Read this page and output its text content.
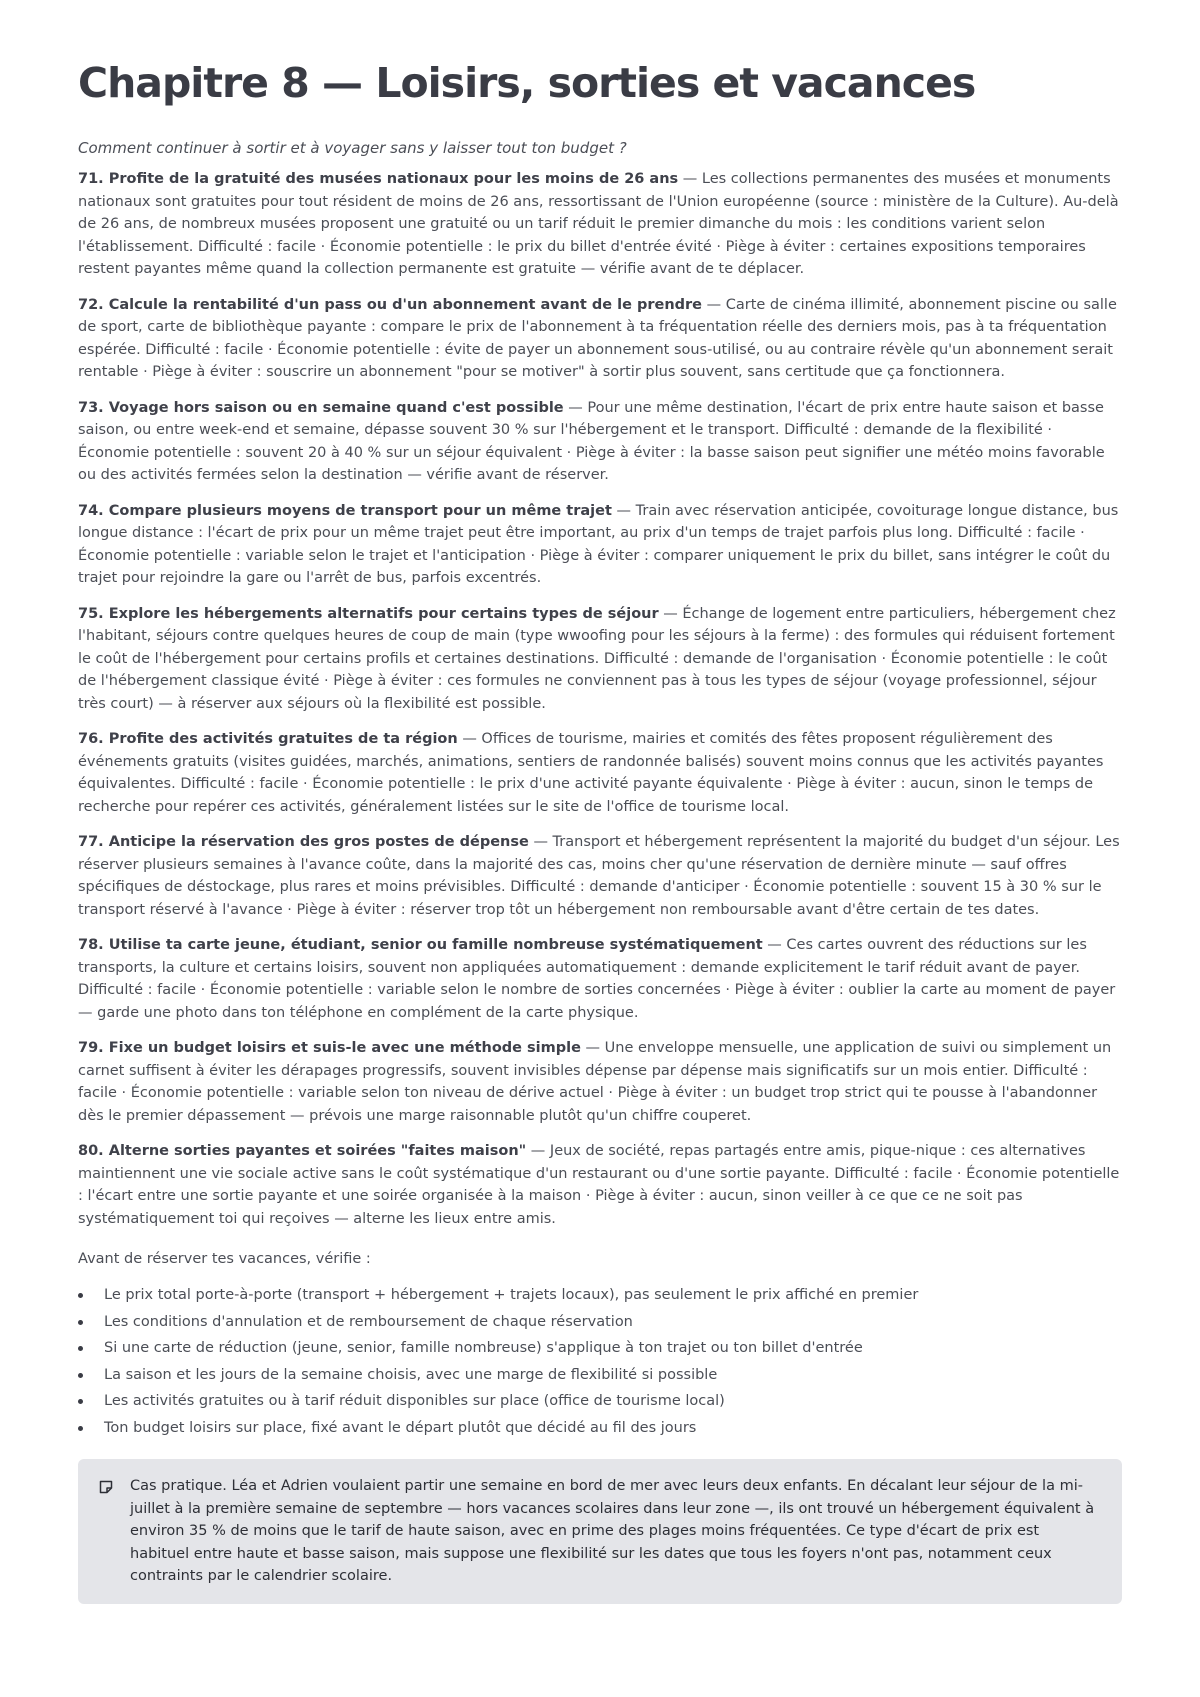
Chapitre 8 — Loisirs, sorties et vacances

Comment continuer à sortir et à voyager sans y laisser tout ton budget ?

71. Profite de la gratuité des musées nationaux pour les moins de 26 ans — Les collections permanentes des musées et monuments nationaux sont gratuites pour tout résident de moins de 26 ans, ressortissant de l'Union européenne (source : ministère de la Culture). Au-delà de 26 ans, de nombreux musées proposent une gratuité ou un tarif réduit le premier dimanche du mois : les conditions varient selon l'établissement. Difficulté : facile · Économie potentielle : le prix du billet d'entrée évité · Piège à éviter : certaines expositions temporaires restent payantes même quand la collection permanente est gratuite — vérifie avant de te déplacer.

72. Calcule la rentabilité d'un pass ou d'un abonnement avant de le prendre — Carte de cinéma illimité, abonnement piscine ou salle de sport, carte de bibliothèque payante : compare le prix de l'abonnement à ta fréquentation réelle des derniers mois, pas à ta fréquentation espérée. Difficulté : facile · Économie potentielle : évite de payer un abonnement sous-utilisé, ou au contraire révèle qu'un abonnement serait rentable · Piège à éviter : souscrire un abonnement "pour se motiver" à sortir plus souvent, sans certitude que ça fonctionnera.

73. Voyage hors saison ou en semaine quand c'est possible — Pour une même destination, l'écart de prix entre haute saison et basse saison, ou entre week-end et semaine, dépasse souvent 30 % sur l'hébergement et le transport. Difficulté : demande de la flexibilité · Économie potentielle : souvent 20 à 40 % sur un séjour équivalent · Piège à éviter : la basse saison peut signifier une météo moins favorable ou des activités fermées selon la destination — vérifie avant de réserver.

74. Compare plusieurs moyens de transport pour un même trajet — Train avec réservation anticipée, covoiturage longue distance, bus longue distance : l'écart de prix pour un même trajet peut être important, au prix d'un temps de trajet parfois plus long. Difficulté : facile · Économie potentielle : variable selon le trajet et l'anticipation · Piège à éviter : comparer uniquement le prix du billet, sans intégrer le coût du trajet pour rejoindre la gare ou l'arrêt de bus, parfois excentrés.

75. Explore les hébergements alternatifs pour certains types de séjour — Échange de logement entre particuliers, hébergement chez l'habitant, séjours contre quelques heures de coup de main (type wwoofing pour les séjours à la ferme) : des formules qui réduisent fortement le coût de l'hébergement pour certains profils et certaines destinations. Difficulté : demande de l'organisation · Économie potentielle : le coût de l'hébergement classique évité · Piège à éviter : ces formules ne conviennent pas à tous les types de séjour (voyage professionnel, séjour très court) — à réserver aux séjours où la flexibilité est possible.

76. Profite des activités gratuites de ta région — Offices de tourisme, mairies et comités des fêtes proposent régulièrement des événements gratuits (visites guidées, marchés, animations, sentiers de randonnée balisés) souvent moins connus que les activités payantes équivalentes. Difficulté : facile · Économie potentielle : le prix d'une activité payante équivalente · Piège à éviter : aucun, sinon le temps de recherche pour repérer ces activités, généralement listées sur le site de l'office de tourisme local.

77. Anticipe la réservation des gros postes de dépense — Transport et hébergement représentent la majorité du budget d'un séjour. Les réserver plusieurs semaines à l'avance coûte, dans la majorité des cas, moins cher qu'une réservation de dernière minute — sauf offres spécifiques de déstockage, plus rares et moins prévisibles. Difficulté : demande d'anticiper · Économie potentielle : souvent 15 à 30 % sur le transport réservé à l'avance · Piège à éviter : réserver trop tôt un hébergement non remboursable avant d'être certain de tes dates.

78. Utilise ta carte jeune, étudiant, senior ou famille nombreuse systématiquement — Ces cartes ouvrent des réductions sur les transports, la culture et certains loisirs, souvent non appliquées automatiquement : demande explicitement le tarif réduit avant de payer. Difficulté : facile · Économie potentielle : variable selon le nombre de sorties concernées · Piège à éviter : oublier la carte au moment de payer — garde une photo dans ton téléphone en complément de la carte physique.

79. Fixe un budget loisirs et suis-le avec une méthode simple — Une enveloppe mensuelle, une application de suivi ou simplement un carnet suffisent à éviter les dérapages progressifs, souvent invisibles dépense par dépense mais significatifs sur un mois entier. Difficulté : facile · Économie potentielle : variable selon ton niveau de dérive actuel · Piège à éviter : un budget trop strict qui te pousse à l'abandonner dès le premier dépassement — prévois une marge raisonnable plutôt qu'un chiffre couperet.

80. Alterne sorties payantes et soirées "faites maison" — Jeux de société, repas partagés entre amis, pique-nique : ces alternatives maintiennent une vie sociale active sans le coût systématique d'un restaurant ou d'une sortie payante. Difficulté : facile · Économie potentielle : l'écart entre une sortie payante et une soirée organisée à la maison · Piège à éviter : aucun, sinon veiller à ce que ce ne soit pas systématiquement toi qui reçoives — alterne les lieux entre amis.

Avant de réserver tes vacances, vérifie :

Le prix total porte-à-porte (transport + hébergement + trajets locaux), pas seulement le prix affiché en premier
Les conditions d'annulation et de remboursement de chaque réservation
Si une carte de réduction (jeune, senior, famille nombreuse) s'applique à ton trajet ou ton billet d'entrée
La saison et les jours de la semaine choisis, avec une marge de flexibilité si possible
Les activités gratuites ou à tarif réduit disponibles sur place (office de tourisme local)
Ton budget loisirs sur place, fixé avant le départ plutôt que décidé au fil des jours
Cas pratique. Léa et Adrien voulaient partir une semaine en bord de mer avec leurs deux enfants. En décalant leur séjour de la mi-juillet à la première semaine de septembre — hors vacances scolaires dans leur zone —, ils ont trouvé un hébergement équivalent à environ 35 % de moins que le tarif de haute saison, avec en prime des plages moins fréquentées. Ce type d'écart de prix est habituel entre haute et basse saison, mais suppose une flexibilité sur les dates que tous les foyers n'ont pas, notamment ceux contraints par le calendrier scolaire.
